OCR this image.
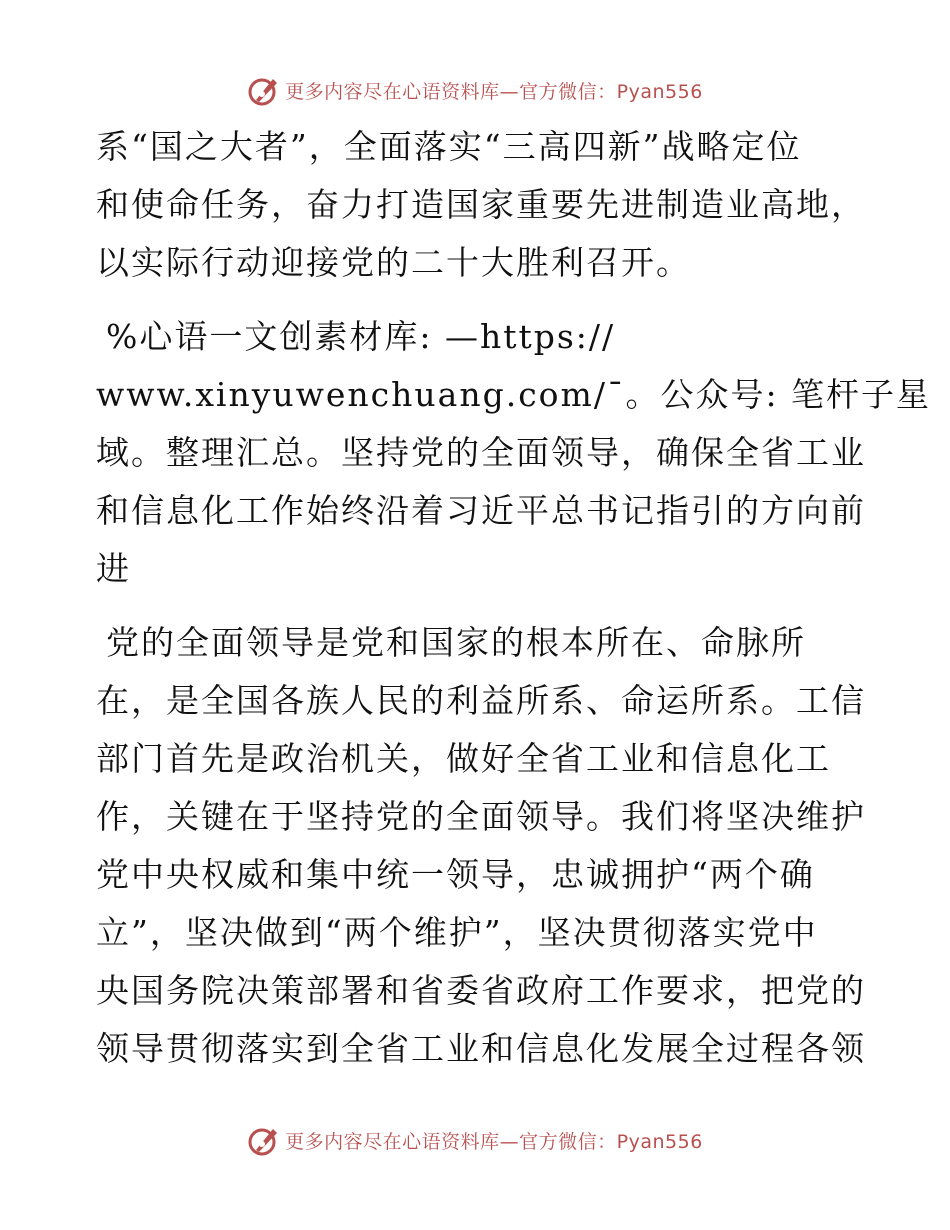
更多内容尽在心语资料库—官方微信：Pyan556
系“国之大者”，全面落实“三高四新”战略定位
和使命任务，奋力打造国家重要先进制造业高地，
以实际行动迎接党的二十大胜利召开。
%心语一文创素材库: —https://
www.xinyuwenchuang.com/¯。公众号: 笔杆子星
域。整理汇总。坚持党的全面领导，确保全省工业
和信息化工作始终沿着习近平总书记指引的方向前
进
党的全面领导是党和国家的根本所在、命脉所
在，是全国各族人民的利益所系、命运所系。工信
部门首先是政治机关，做好全省工业和信息化工
作，关键在于坚持党的全面领导。我们将坚决维护
党中央权威和集中统一领导，忠诚拥护“两个确
立”，坚决做到“两个维护”，坚决贯彻落实党中
央国务院决策部署和省委省政府工作要求，把党的
领导贯彻落实到全省工业和信息化发展全过程各领
更多内容尽在心语资料库—官方微信：Pyan556
